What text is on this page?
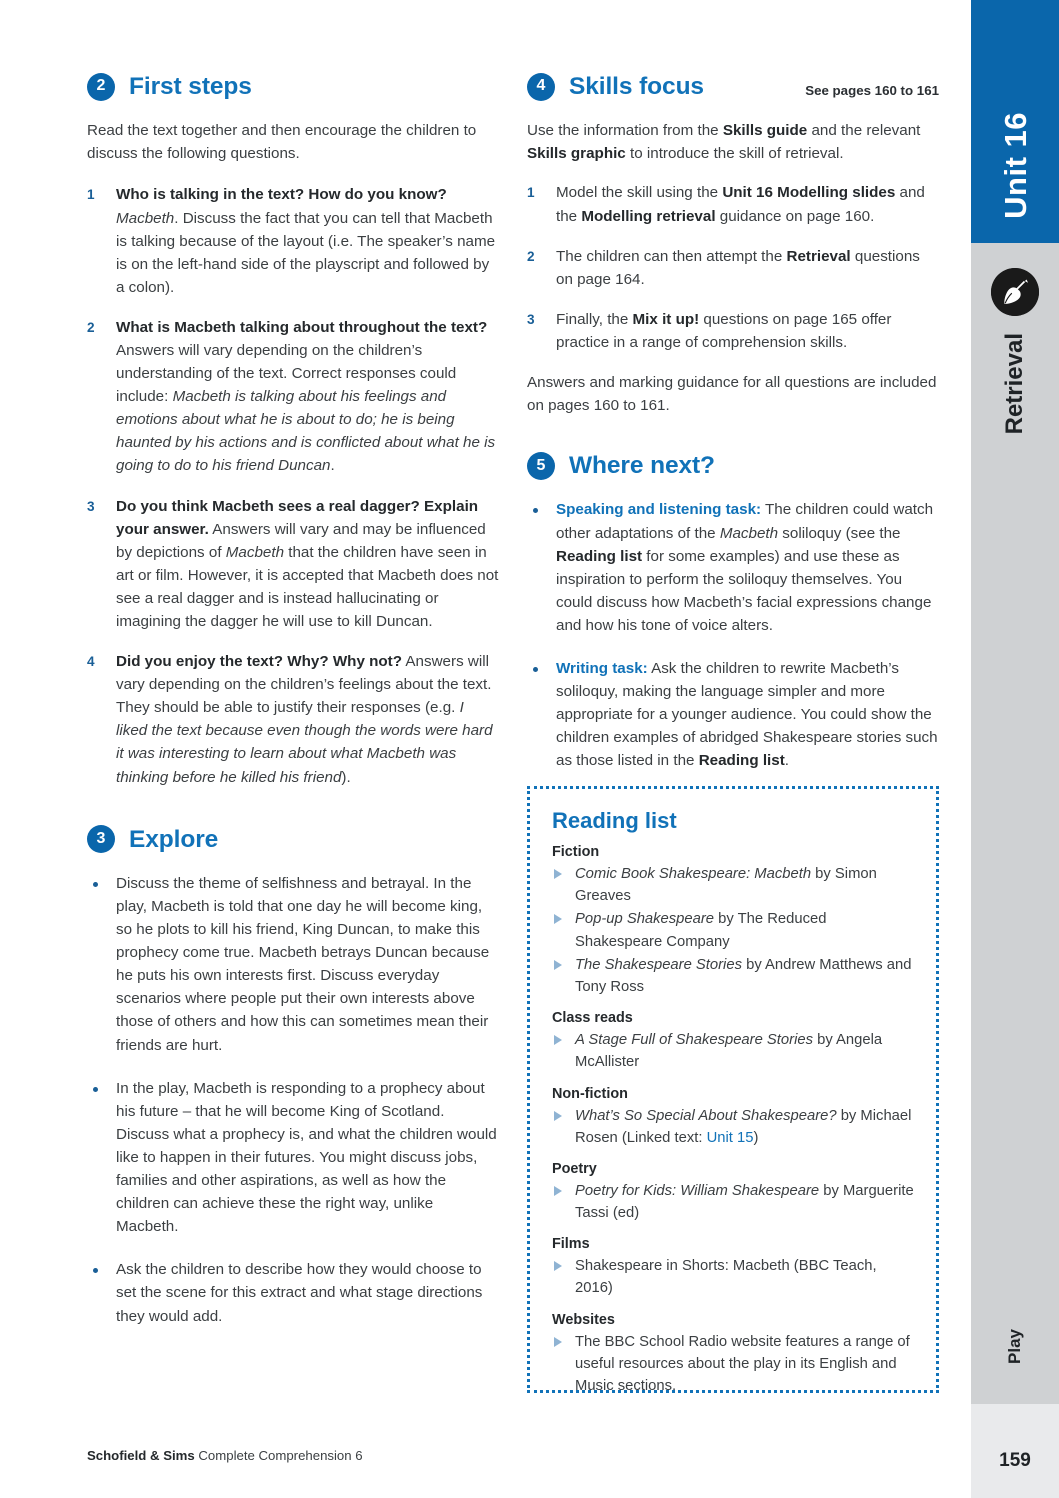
2 First steps

Read the text together and then encourage the children to discuss the following questions.

1 Who is talking in the text? How do you know? Macbeth. Discuss the fact that you can tell that Macbeth is talking because of the layout (i.e. The speaker’s name is on the left-hand side of the playscript and followed by a colon).
2 What is Macbeth talking about throughout the text? Answers will vary depending on the children’s understanding of the text. Correct responses could include: Macbeth is talking about his feelings and emotions about what he is about to do; he is being haunted by his actions and is conflicted about what he is going to do to his friend Duncan.
3 Do you think Macbeth sees a real dagger? Explain your answer. Answers will vary and may be influenced by depictions of Macbeth that the children have seen in art or film. However, it is accepted that Macbeth does not see a real dagger and is instead hallucinating or imagining the dagger he will use to kill Duncan.
4 Did you enjoy the text? Why? Why not? Answers will vary depending on the children’s feelings about the text. They should be able to justify their responses (e.g. I liked the text because even though the words were hard it was interesting to learn about what Macbeth was thinking before he killed his friend).
3 Explore
Discuss the theme of selfishness and betrayal. In the play, Macbeth is told that one day he will become king, so he plots to kill his friend, King Duncan, to make this prophecy come true. Macbeth betrays Duncan because he puts his own interests first. Discuss everyday scenarios where people put their own interests above those of others and how this can sometimes mean their friends are hurt.
In the play, Macbeth is responding to a prophecy about his future – that he will become King of Scotland. Discuss what a prophecy is, and what the children would like to happen in their futures. You might discuss jobs, families and other aspirations, as well as how the children can achieve these the right way, unlike Macbeth.
Ask the children to describe how they would choose to set the scene for this extract and what stage directions they would add.
4 Skills focus	See pages 160 to 161

Use the information from the Skills guide and the relevant Skills graphic to introduce the skill of retrieval.

1 Model the skill using the Unit 16 Modelling slides and the Modelling retrieval guidance on page 160.
2 The children can then attempt the Retrieval questions on page 164.
3 Finally, the Mix it up! questions on page 165 offer practice in a range of comprehension skills.

Answers and marking guidance for all questions are included on pages 160 to 161.

5 Where next?
Speaking and listening task: The children could watch other adaptations of the Macbeth soliloquy (see the Reading list for some examples) and use these as inspiration to perform the soliloquy themselves. You could discuss how Macbeth’s facial expressions change and how his tone of voice alters.
Writing task: Ask the children to rewrite Macbeth’s soliloquy, making the language simpler and more appropriate for a younger audience. You could show the children examples of abridged Shakespeare stories such as those listed in the Reading list.
Reading list
Fiction
Comic Book Shakespeare: Macbeth by Simon Greaves
Pop-up Shakespeare by The Reduced Shakespeare Company
The Shakespeare Stories by Andrew Matthews and Tony Ross
Class reads
A Stage Full of Shakespeare Stories by Angela McAllister
Non-fiction
What’s So Special About Shakespeare? by Michael Rosen (Linked text: Unit 15)
Poetry
Poetry for Kids: William Shakespeare by Marguerite Tassi (ed)
Films
Shakespeare in Shorts: Macbeth (BBC Teach, 2016)
Websites
The BBC School Radio website features a range of useful resources about the play in its English and Music sections.
Schofield & Sims Complete Comprehension 6
Unit 16
Retrieval
Play
159
